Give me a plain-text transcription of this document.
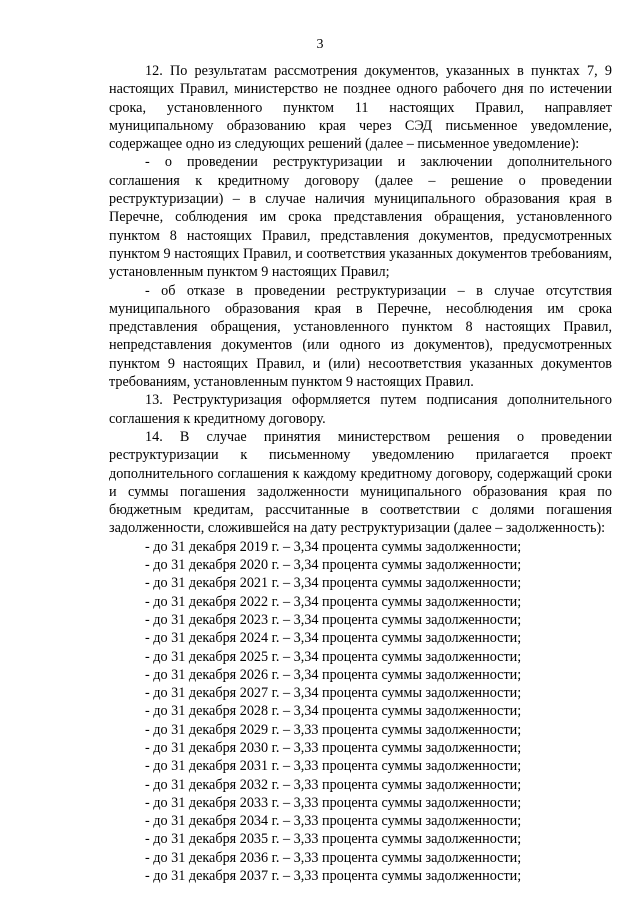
3

12. По результатам рассмотрения документов, указанных в пунктах 7, 9 настоящих Правил, министерство не позднее одного рабочего дня по истечении срока, установленного пунктом 11 настоящих Правил, направляет муниципальному образованию края через СЭД письменное уведомление, содержащее одно из следующих решений (далее – письменное уведомление):

- о проведении реструктуризации и заключении дополнительного соглашения к кредитному договору (далее – решение о проведении реструктуризации) – в случае наличия муниципального образования края в Перечне, соблюдения им срока представления обращения, установленного пунктом 8 настоящих Правил, представления документов, предусмотренных пунктом 9 настоящих Правил, и соответствия указанных документов требованиям, установленным пунктом 9 настоящих Правил;

- об отказе в проведении реструктуризации – в случае отсутствия муниципального образования края в Перечне, несоблюдения им срока представления обращения, установленного пунктом 8 настоящих Правил, непредставления документов (или одного из документов), предусмотренных пунктом 9 настоящих Правил, и (или) несоответствия указанных документов требованиям, установленным пунктом 9 настоящих Правил.

13. Реструктуризация оформляется путем подписания дополнительного соглашения к кредитному договору.

14. В случае принятия министерством решения о проведении реструктуризации к письменному уведомлению прилагается проект дополнительного соглашения к каждому кредитному договору, содержащий сроки и суммы погашения задолженности муниципального образования края по бюджетным кредитам, рассчитанные в соответствии с долями погашения задолженности, сложившейся на дату реструктуризации (далее – задолженность):

- до 31 декабря 2019 г. – 3,34 процента суммы задолженности;
- до 31 декабря 2020 г. – 3,34 процента суммы задолженности;
- до 31 декабря 2021 г. – 3,34 процента суммы задолженности;
- до 31 декабря 2022 г. – 3,34 процента суммы задолженности;
- до 31 декабря 2023 г. – 3,34 процента суммы задолженности;
- до 31 декабря 2024 г. – 3,34 процента суммы задолженности;
- до 31 декабря 2025 г. – 3,34 процента суммы задолженности;
- до 31 декабря 2026 г. – 3,34 процента суммы задолженности;
- до 31 декабря 2027 г. – 3,34 процента суммы задолженности;
- до 31 декабря 2028 г. – 3,34 процента суммы задолженности;
- до 31 декабря 2029 г. – 3,33 процента суммы задолженности;
- до 31 декабря 2030 г. – 3,33 процента суммы задолженности;
- до 31 декабря 2031 г. – 3,33 процента суммы задолженности;
- до 31 декабря 2032 г. – 3,33 процента суммы задолженности;
- до 31 декабря 2033 г. – 3,33 процента суммы задолженности;
- до 31 декабря 2034 г. – 3,33 процента суммы задолженности;
- до 31 декабря 2035 г. – 3,33 процента суммы задолженности;
- до 31 декабря 2036 г. – 3,33 процента суммы задолженности;
- до 31 декабря 2037 г. – 3,33 процента суммы задолженности;
